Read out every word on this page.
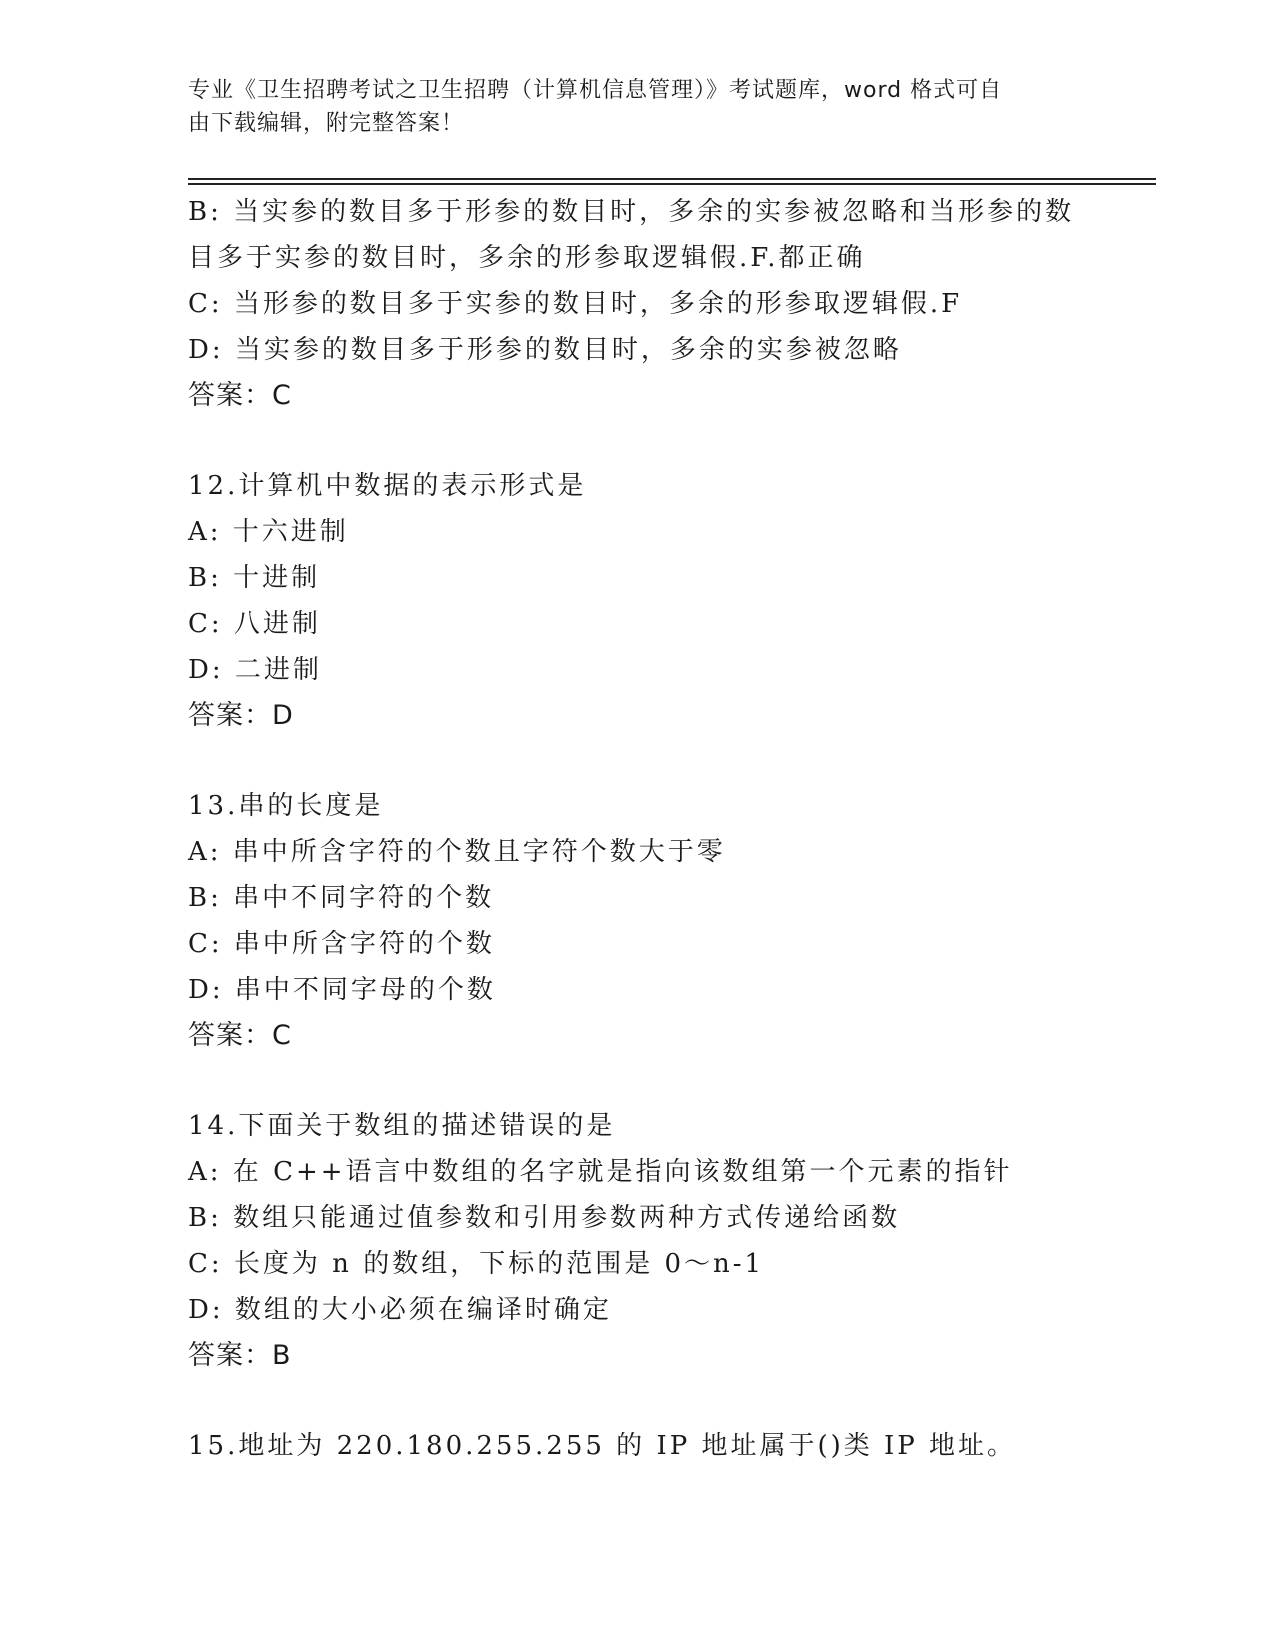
专业《卫生招聘考试之卫生招聘（计算机信息管理）》考试题库，word 格式可自
由下载编辑，附完整答案！
B: 当实参的数目多于形参的数目时，多余的实参被忽略和当形参的数
目多于实参的数目时，多余的形参取逻辑假.F.都正确
C: 当形参的数目多于实参的数目时，多余的形参取逻辑假.F
D: 当实参的数目多于形参的数目时，多余的实参被忽略
答案：C
12.计算机中数据的表示形式是
A: 十六进制
B: 十进制
C: 八进制
D: 二进制
答案：D
13.串的长度是
A: 串中所含字符的个数且字符个数大于零
B: 串中不同字符的个数
C: 串中所含字符的个数
D: 串中不同字母的个数
答案：C
14.下面关于数组的描述错误的是
A: 在 C++语言中数组的名字就是指向该数组第一个元素的指针
B: 数组只能通过值参数和引用参数两种方式传递给函数
C: 长度为 n 的数组，下标的范围是 0～n-1
D: 数组的大小必须在编译时确定
答案：B
15.地址为 220.180.255.255 的 IP 地址属于()类 IP 地址。
